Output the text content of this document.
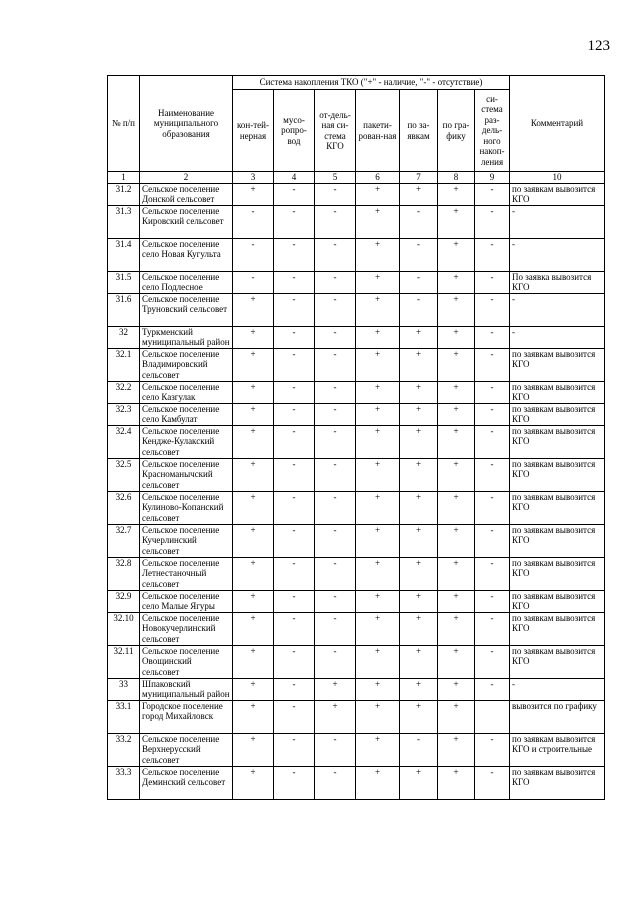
123
№ п/п	Наименование муниципального образования	Система накопления ТКО ("+" - наличие, "-" - отсутствие)							Комментарий
		кон-тей-нерная	мусо-ропро-вод	от-дель-ная си-стема КГО	пакети-рован-ная	по за-явкам	по гра-фику	си-стема раз-дель-ного накоп-ления	
1	2	3	4	5	6	7	8	9	10
31.2	Сельское поселение Донской сельсовет	+	-	-	+	+	+	-	по заявкам вывозится КГО
31.3	Сельское поселение Кировский сельсовет	-	-	-	+	-	+	-	-
31.4	Сельское поселение село Новая Кугульта	-	-	-	+	-	+	-	-
31.5	Сельское поселение село Подлесное	-	-	-	+	-	+	-	По заявка вывозится КГО
31.6	Сельское поселение Труновский сельсовет	+	-	-	+	-	+	-	-
32	Туркменский муниципальный район	+	-	-	+	+	+	-	-
32.1	Сельское поселение Владимировский сельсовет	+	-	-	+	+	+	-	по заявкам вывозится КГО
32.2	Сельское поселение село Казгулак	+	-	-	+	+	+	-	по заявкам вывозится КГО
32.3	Сельское поселение село Камбулат	+	-	-	+	+	+	-	по заявкам вывозится КГО
32.4	Сельское поселение Кендже-Кулакский сельсовет	+	-	-	+	+	+	-	по заявкам вывозится КГО
32.5	Сельское поселение Красноманычский сельсовет	+	-	-	+	+	+	-	по заявкам вывозится КГО
32.6	Сельское поселение Кулиново-Копанский сельсовет	+	-	-	+	+	+	-	по заявкам вывозится КГО
32.7	Сельское поселение Кучерлинский сельсовет	+	-	-	+	+	+	-	по заявкам вывозится КГО
32.8	Сельское поселение Летнестаночный сельсовет	+	-	-	+	+	+	-	по заявкам вывозится КГО
32.9	Сельское поселение село Малые Ягуры	+	-	-	+	+	+	-	по заявкам вывозится КГО
32.10	Сельское поселение Новокучерлинский сельсовет	+	-	-	+	+	+	-	по заявкам вывозится КГО
32.11	Сельское поселение Овощинский сельсовет	+	-	-	+	+	+	-	по заявкам вывозится КГО
33	Шпаковский муниципальный район	+	-	+	+	+	+	-	-
33.1	Городское поселение город Михайловск	+	-	+	+	+	+		вывозится по графику
33.2	Сельское поселение Верхнерусский сельсовет	+	-	-	+	-	+	-	по заявкам вывозится КГО и строительные
33.3	Сельское поселение Деминский сельсовет	+	-	-	+	+	+	-	по заявкам вывозится КГО
